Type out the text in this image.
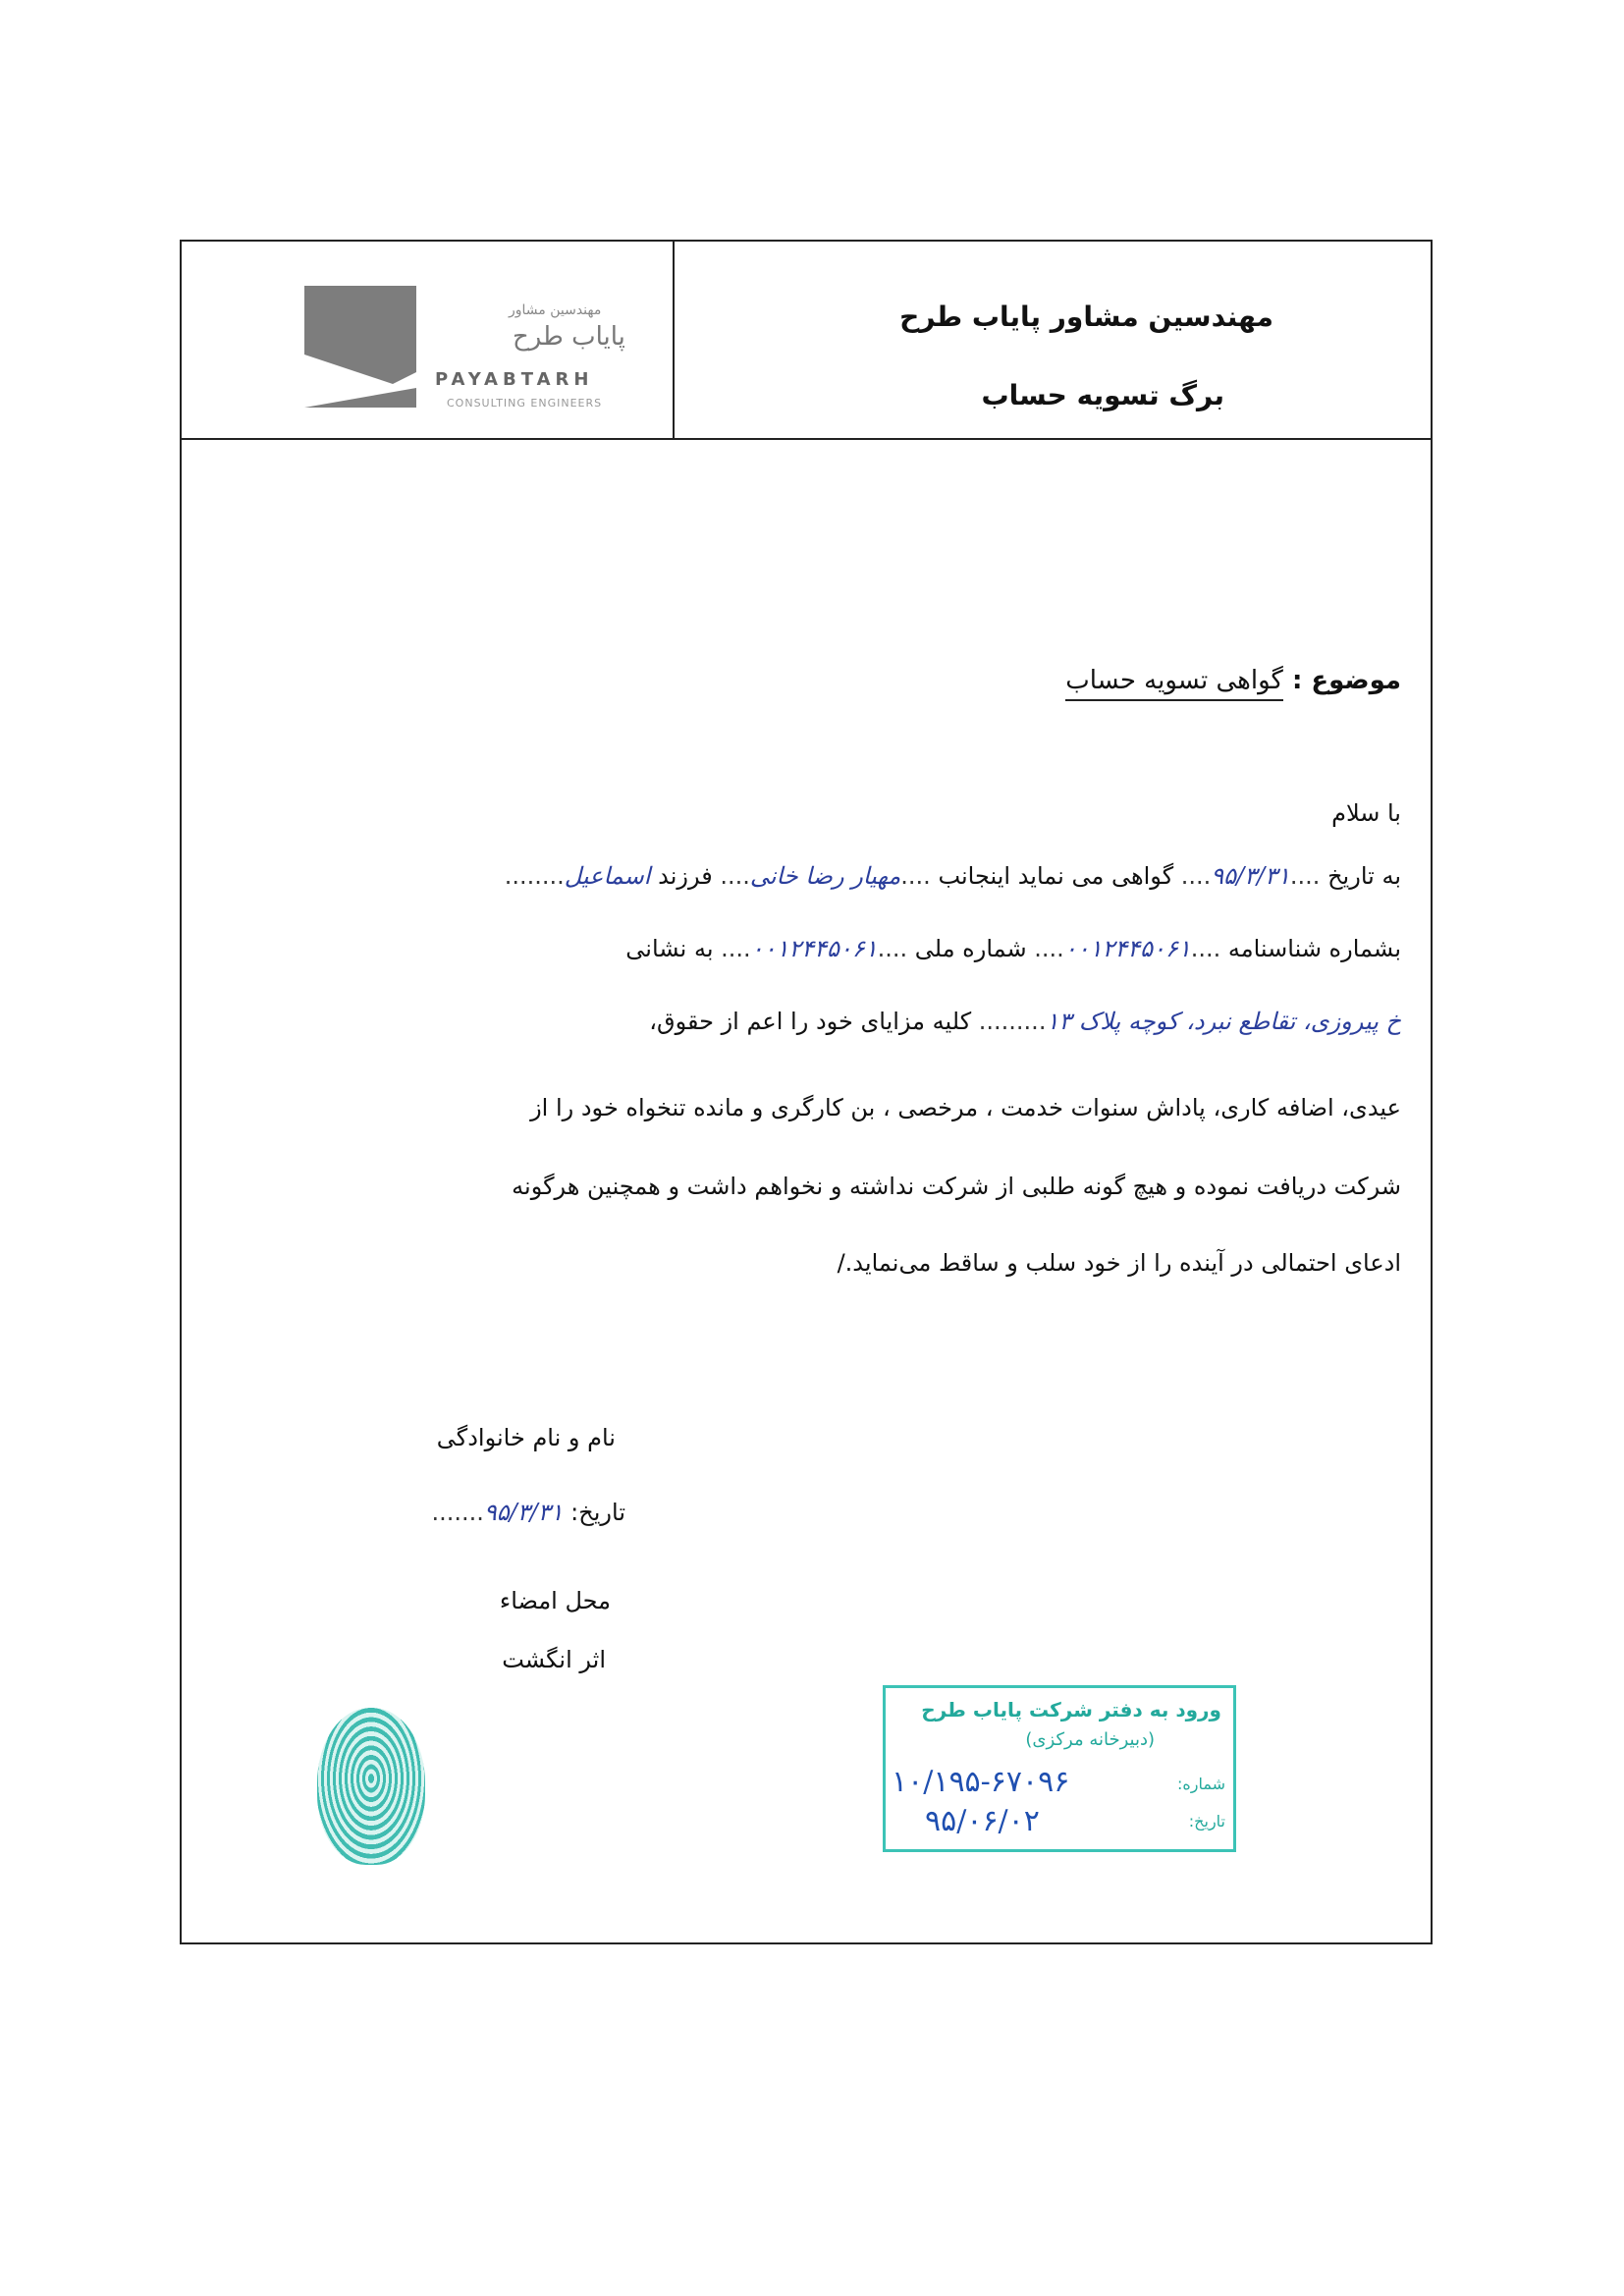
مهندسین مشاور پایاب طرح
برگ تسویه حساب
مهندسین مشاور
پایاب طرح
PAYABTARH
CONSULTING ENGINEERS
موضوع : گواهی تسویه حساب
با سلام
به تاریخ ....۹۵/۳/۳۱.... گواهی می نماید اینجانب ....مهیار رضا خانی.... فرزند اسماعیل........
بشماره شناسنامه ....۰۰۱۲۴۴۵۰۶۱.... شماره ملی ....۰۰۱۲۴۴۵۰۶۱.... به نشانی
خ پیروزی، تقاطع نبرد، کوچه پلاک ۱۳......... کلیه مزایای خود را اعم از حقوق،
عیدی، اضافه کاری، پاداش سنوات خدمت ، مرخصی ، بن کارگری و مانده تنخواه خود را از
شرکت دریافت نموده و هیچ گونه طلبی از شرکت نداشته و نخواهم داشت و همچنین هرگونه
ادعای احتمالی در آینده را از خود سلب و ساقط می‌نماید./
نام و نام خانوادگی
تاریخ: ۹۵/۳/۳۱.......
محل امضاء
اثر انگشت
ورود به دفتر شرکت پایاب طرح
(دبیرخانه مرکزی)
شماره:
تاریخ:
۱۰/۱۹۵-۶۷۰۹۶
۹۵/۰۶/۰۲
